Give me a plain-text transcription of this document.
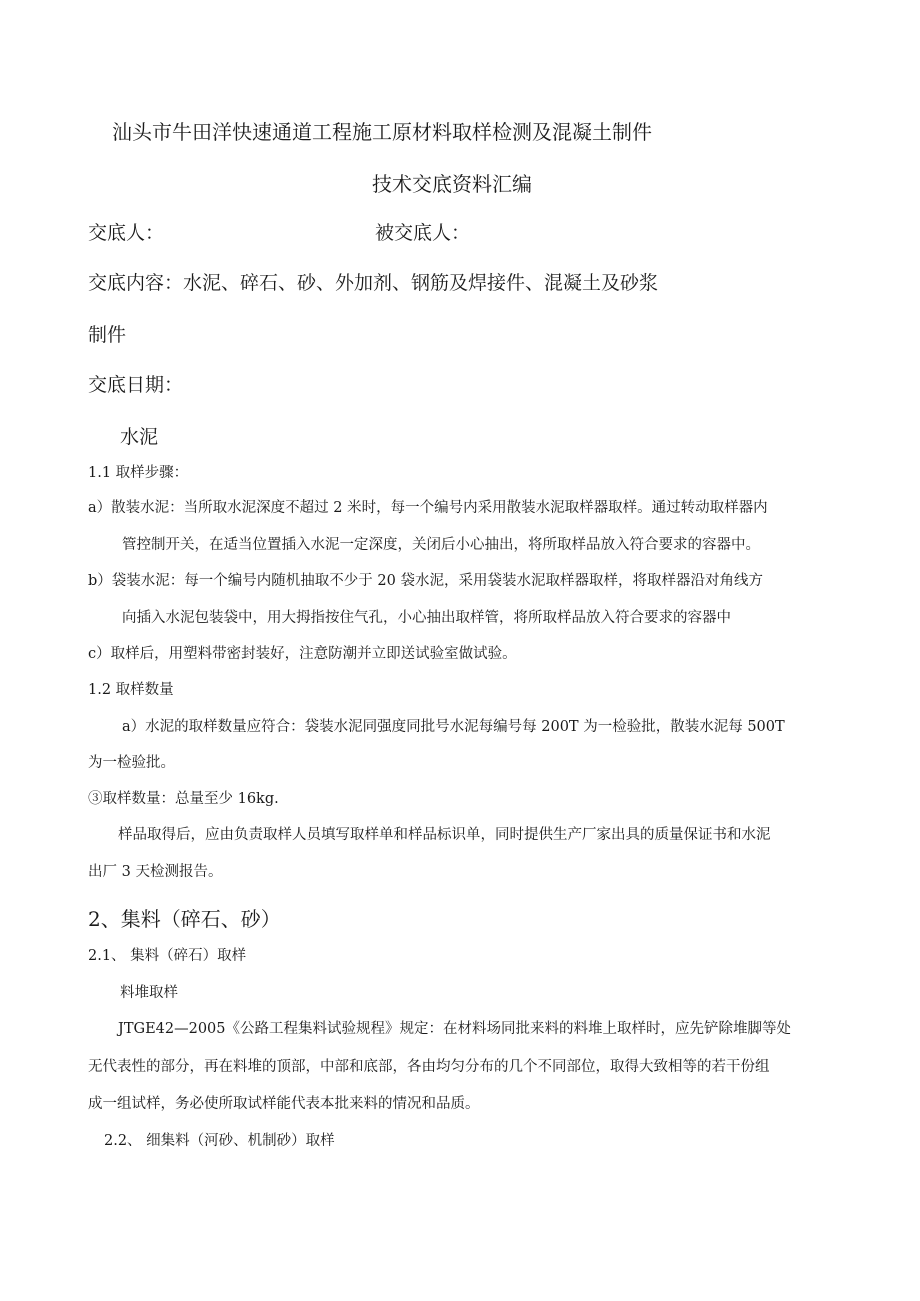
汕头市牛田洋快速通道工程施工原材料取样检测及混凝土制件

技术交底资料汇编

交底人：	被交底人：

交底内容：水泥、碎石、砂、外加剂、钢筋及焊接件、混凝土及砂浆

制件

交底日期：

水泥

1.1 取样步骤：

a）散装水泥：当所取水泥深度不超过 2 米时，每一个编号内采用散装水泥取样器取样。通过转动取样器内

管控制开关，在适当位置插入水泥一定深度，关闭后小心抽出，将所取样品放入符合要求的容器中。

b）袋装水泥：每一个编号内随机抽取不少于 20 袋水泥，采用袋装水泥取样器取样，将取样器沿对角线方

向插入水泥包装袋中，用大拇指按住气孔，小心抽出取样管，将所取样品放入符合要求的容器中

c）取样后，用塑料带密封装好，注意防潮并立即送试验室做试验。

1.2 取样数量

a）水泥的取样数量应符合：袋装水泥同强度同批号水泥每编号每 200T 为一检验批，散装水泥每 500T

为一检验批。

③取样数量：总量至少 16kg.

样品取得后，应由负责取样人员填写取样单和样品标识单，同时提供生产厂家出具的质量保证书和水泥

出厂 3 天检测报告。

2、集料（碎石、砂）

2.1、 集料（碎石）取样

料堆取样

JTGE42—2005《公路工程集料试验规程》规定：在材料场同批来料的料堆上取样时，应先铲除堆脚等处

无代表性的部分，再在料堆的顶部，中部和底部，各由均匀分布的几个不同部位，取得大致相等的若干份组

成一组试样，务必使所取试样能代表本批来料的情况和品质。

2.2、 细集料（河砂、机制砂）取样
